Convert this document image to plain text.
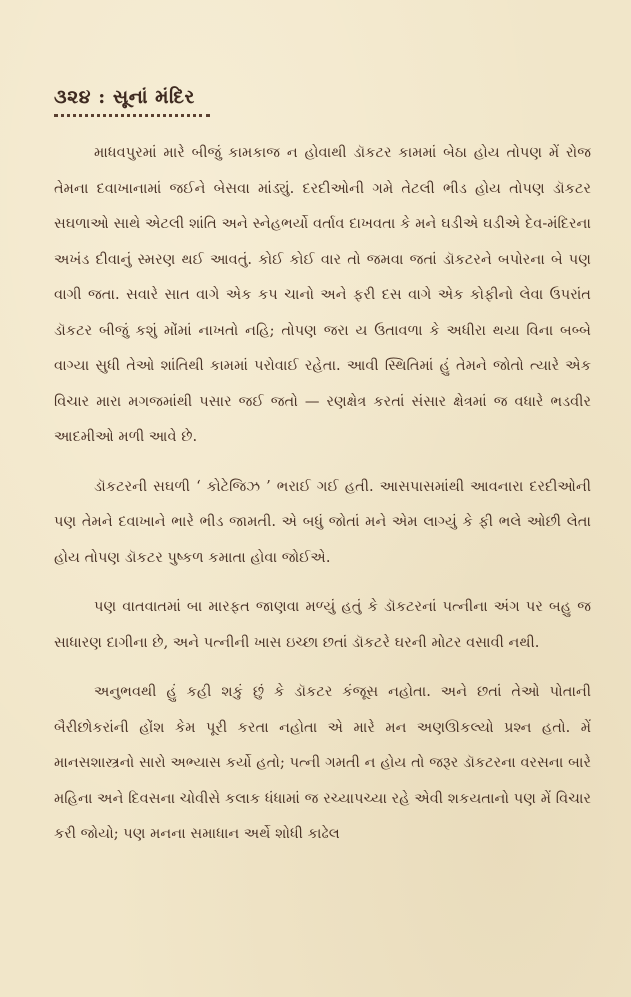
૩૨૪ : સૂનાં મંદિર

માધવપુરમાં મારે બીજું કામકાજ ન હોવાથી ડૉકટર કામમાં બેઠા હોય તોપણ મેં રોજ તેમના દવાખાનામાં જઈને બેસવા માંડ્યું. દરદીઓની ગમે તેટલી ભીડ હોય તોપણ ડૉકટર સઘળાઓ સાથે એટલી શાંતિ અને સ્નેહભર્યો વર્તાવ દાખવતા કે મને ઘડીએ ઘડીએ દેવ-મંદિરના અખંડ દીવાનું સ્મરણ થઈ આવતું. કોઈ કોઈ વાર તો જમવા જતાં ડૉકટરને બપોરના બે પણ વાગી જતા. સવારે સાત વાગે એક કપ ચાનો અને ફરી દસ વાગે એક કોફીનો લેવા ઉપરાંત ડૉકટર બીજું કશું મોંમાં નાખતો નહિ; તોપણ જરા ય ઉતાવળા કે અધીરા થયા વિના બબ્બે વાગ્યા સુધી તેઓ શાંતિથી કામમાં પરોવાઈ રહેતા. આવી સ્થિતિમાં હું તેમને જોતો ત્યારે એક વિચાર મારા મગજમાંથી પસાર જઈ જતો — રણક્ષેત્ર કરતાં સંસાર ક્ષેત્રમાં જ વધારે ભડવીર આદમીઓ મળી આવે છે.

ડૉકટરની સઘળી ‘ કોટેજિઝ ’ ભરાઈ ગઈ હતી. આસપાસમાંથી આવનારા દરદીઓની પણ તેમને દવાખાને ભારે ભીડ જામતી. એ બધું જોતાં મને એમ લાગ્યું કે ફી ભલે ઓછી લેતા હોય તોપણ ડૉકટર પુષ્કળ કમાતા હોવા જોઈએ.

પણ વાતવાતમાં બા મારફત જાણવા મળ્યું હતું કે ડૉકટરનાં પત્નીના અંગ પર બહુ જ સાધારણ દાગીના છે, અને પત્નીની ખાસ ઇચ્છા છતાં ડૉકટરે ઘરની મોટર વસાવી નથી.

અનુભવથી હું કહી શકું છું કે ડૉકટર કંજૂસ નહોતા. અને છતાં તેઓ પોતાની બૈરીછોકરાંની હોંશ કેમ પૂરી કરતા નહોતા એ મારે મન અણઊકલ્યો પ્રશ્ન હતો. મેં માનસશાસ્ત્રનો સારો અભ્યાસ કર્યો હતો; પત્ની ગમતી ન હોય તો જરૂર ડૉકટરના વરસના બારે મહિના અને દિવસના ચોવીસે કલાક ધંધામાં જ રચ્યાપચ્યા રહે એવી શકયતાનો પણ મેં વિચાર કરી જોયો; પણ મનના સમાધાન અર્થે શોધી કાઢેલ
